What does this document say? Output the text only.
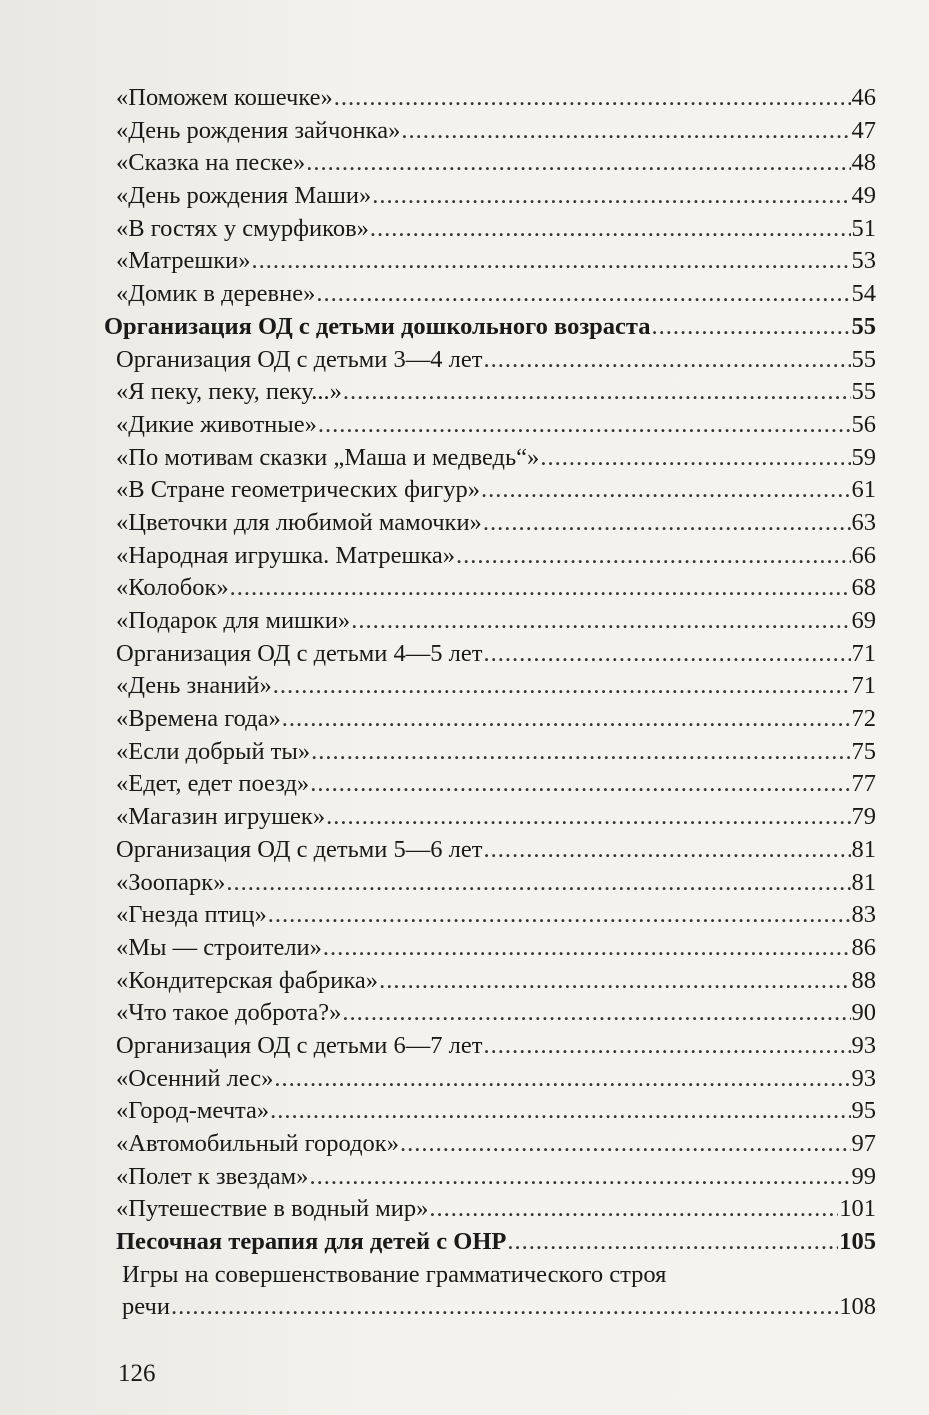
«Поможем кошечке» .....	46
«День рождения зайчонка» .....	47
«Сказка на песке» .....	48
«День рождения Маши» .....	49
«В гостях у смурфиков» .....	51
«Матрешки» .....	53
«Домик в деревне» .....	54
Организация ОД с детьми дошкольного возраста .....	55
Организация ОД с детьми 3—4 лет .....	55
«Я пеку, пеку, пеку...» .....	55
«Дикие животные» .....	56
«По мотивам сказки „Маша и медведь“» .....	59
«В Стране геометрических фигур» .....	61
«Цветочки для любимой мамочки» .....	63
«Народная игрушка. Матрешка» .....	66
«Колобок» .....	68
«Подарок для мишки» .....	69
Организация ОД с детьми 4—5 лет .....	71
«День знаний» .....	71
«Времена года» .....	72
«Если добрый ты» .....	75
«Едет, едет поезд» .....	77
«Магазин игрушек» .....	79
Организация ОД с детьми 5—6 лет .....	81
«Зоопарк» .....	81
«Гнезда птиц» .....	83
«Мы — строители» .....	86
«Кондитерская фабрика» .....	88
«Что такое доброта?» .....	90
Организация ОД с детьми 6—7 лет .....	93
«Осенний лес» .....	93
«Город-мечта» .....	95
«Автомобильный городок» .....	97
«Полет к звездам» .....	99
«Путешествие в водный мир» .....	101
Песочная терапия для детей с ОНР .....	105
Игры на совершенствование грамматического строя
речи .....	108
126
